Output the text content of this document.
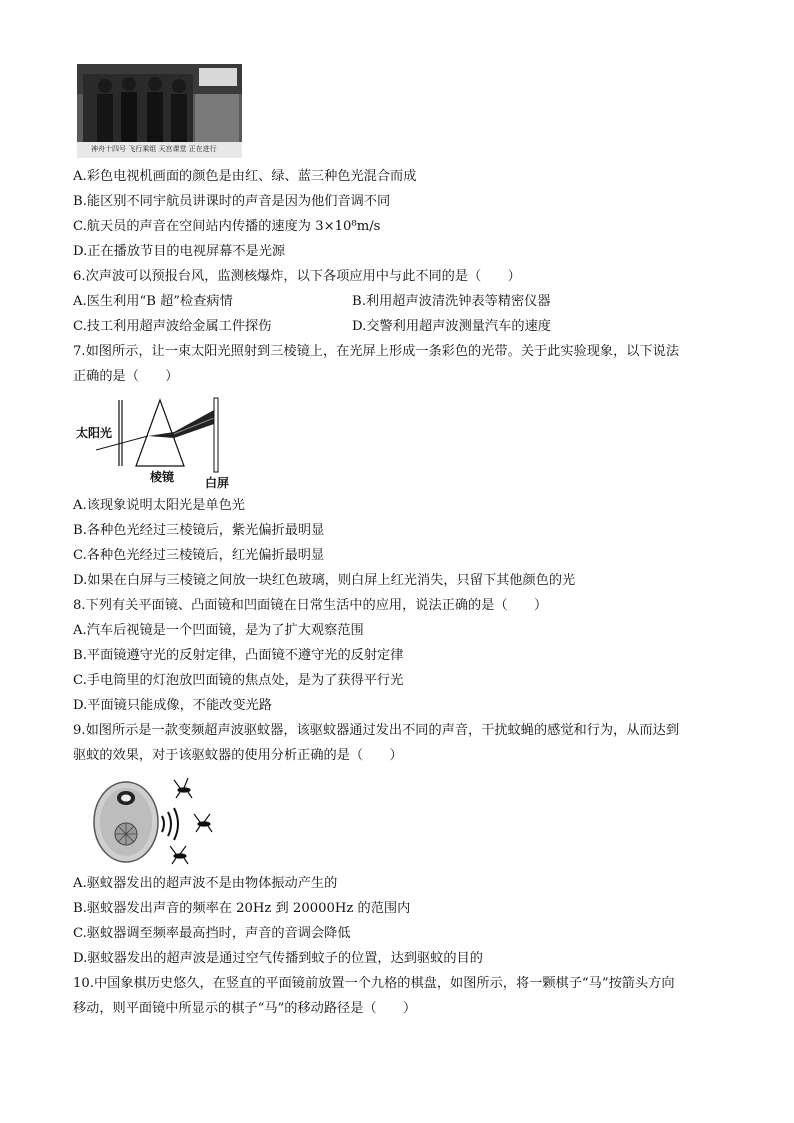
神舟十四号 飞行乘组 天宫课堂 正在进行
A.彩色电视机画面的颜色是由红、绿、蓝三种色光混合而成
B.能区别不同宇航员讲课时的声音是因为他们音调不同
C.航天员的声音在空间站内传播的速度为 3×10⁸m/s
D.正在播放节目的电视屏幕不是光源
6.次声波可以预报台风，监测核爆炸，以下各项应用中与此不同的是（　　）
A.医生利用“B 超”检查病情	B.利用超声波清洗钟表等精密仪器
C.技工利用超声波给金属工件探伤	D.交警利用超声波测量汽车的速度
7.如图所示，让一束太阳光照射到三棱镜上，在光屏上形成一条彩色的光带。关于此实验现象，以下说法
正确的是（　　）
太阳光
棱镜	白屏
A.该现象说明太阳光是单色光
B.各种色光经过三棱镜后，紫光偏折最明显
C.各种色光经过三棱镜后，红光偏折最明显
D.如果在白屏与三棱镜之间放一块红色玻璃，则白屏上红光消失，只留下其他颜色的光
8.下列有关平面镜、凸面镜和凹面镜在日常生活中的应用，说法正确的是（　　）
A.汽车后视镜是一个凹面镜，是为了扩大观察范围
B.平面镜遵守光的反射定律，凸面镜不遵守光的反射定律
C.手电筒里的灯泡放凹面镜的焦点处，是为了获得平行光
D.平面镜只能成像，不能改变光路
9.如图所示是一款变频超声波驱蚊器，该驱蚊器通过发出不同的声音，干扰蚊蝇的感觉和行为，从而达到
驱蚊的效果，对于该驱蚊器的使用分析正确的是（　　）
A.驱蚊器发出的超声波不是由物体振动产生的
B.驱蚊器发出声音的频率在 20Hz 到 20000Hz 的范围内
C.驱蚊器调至频率最高挡时，声音的音调会降低
D.驱蚊器发出的超声波是通过空气传播到蚊子的位置，达到驱蚊的目的
10.中国象棋历史悠久，在竖直的平面镜前放置一个九格的棋盘，如图所示，将一颗棋子“马”按箭头方向
移动，则平面镜中所显示的棋子“马”的移动路径是（　　）
